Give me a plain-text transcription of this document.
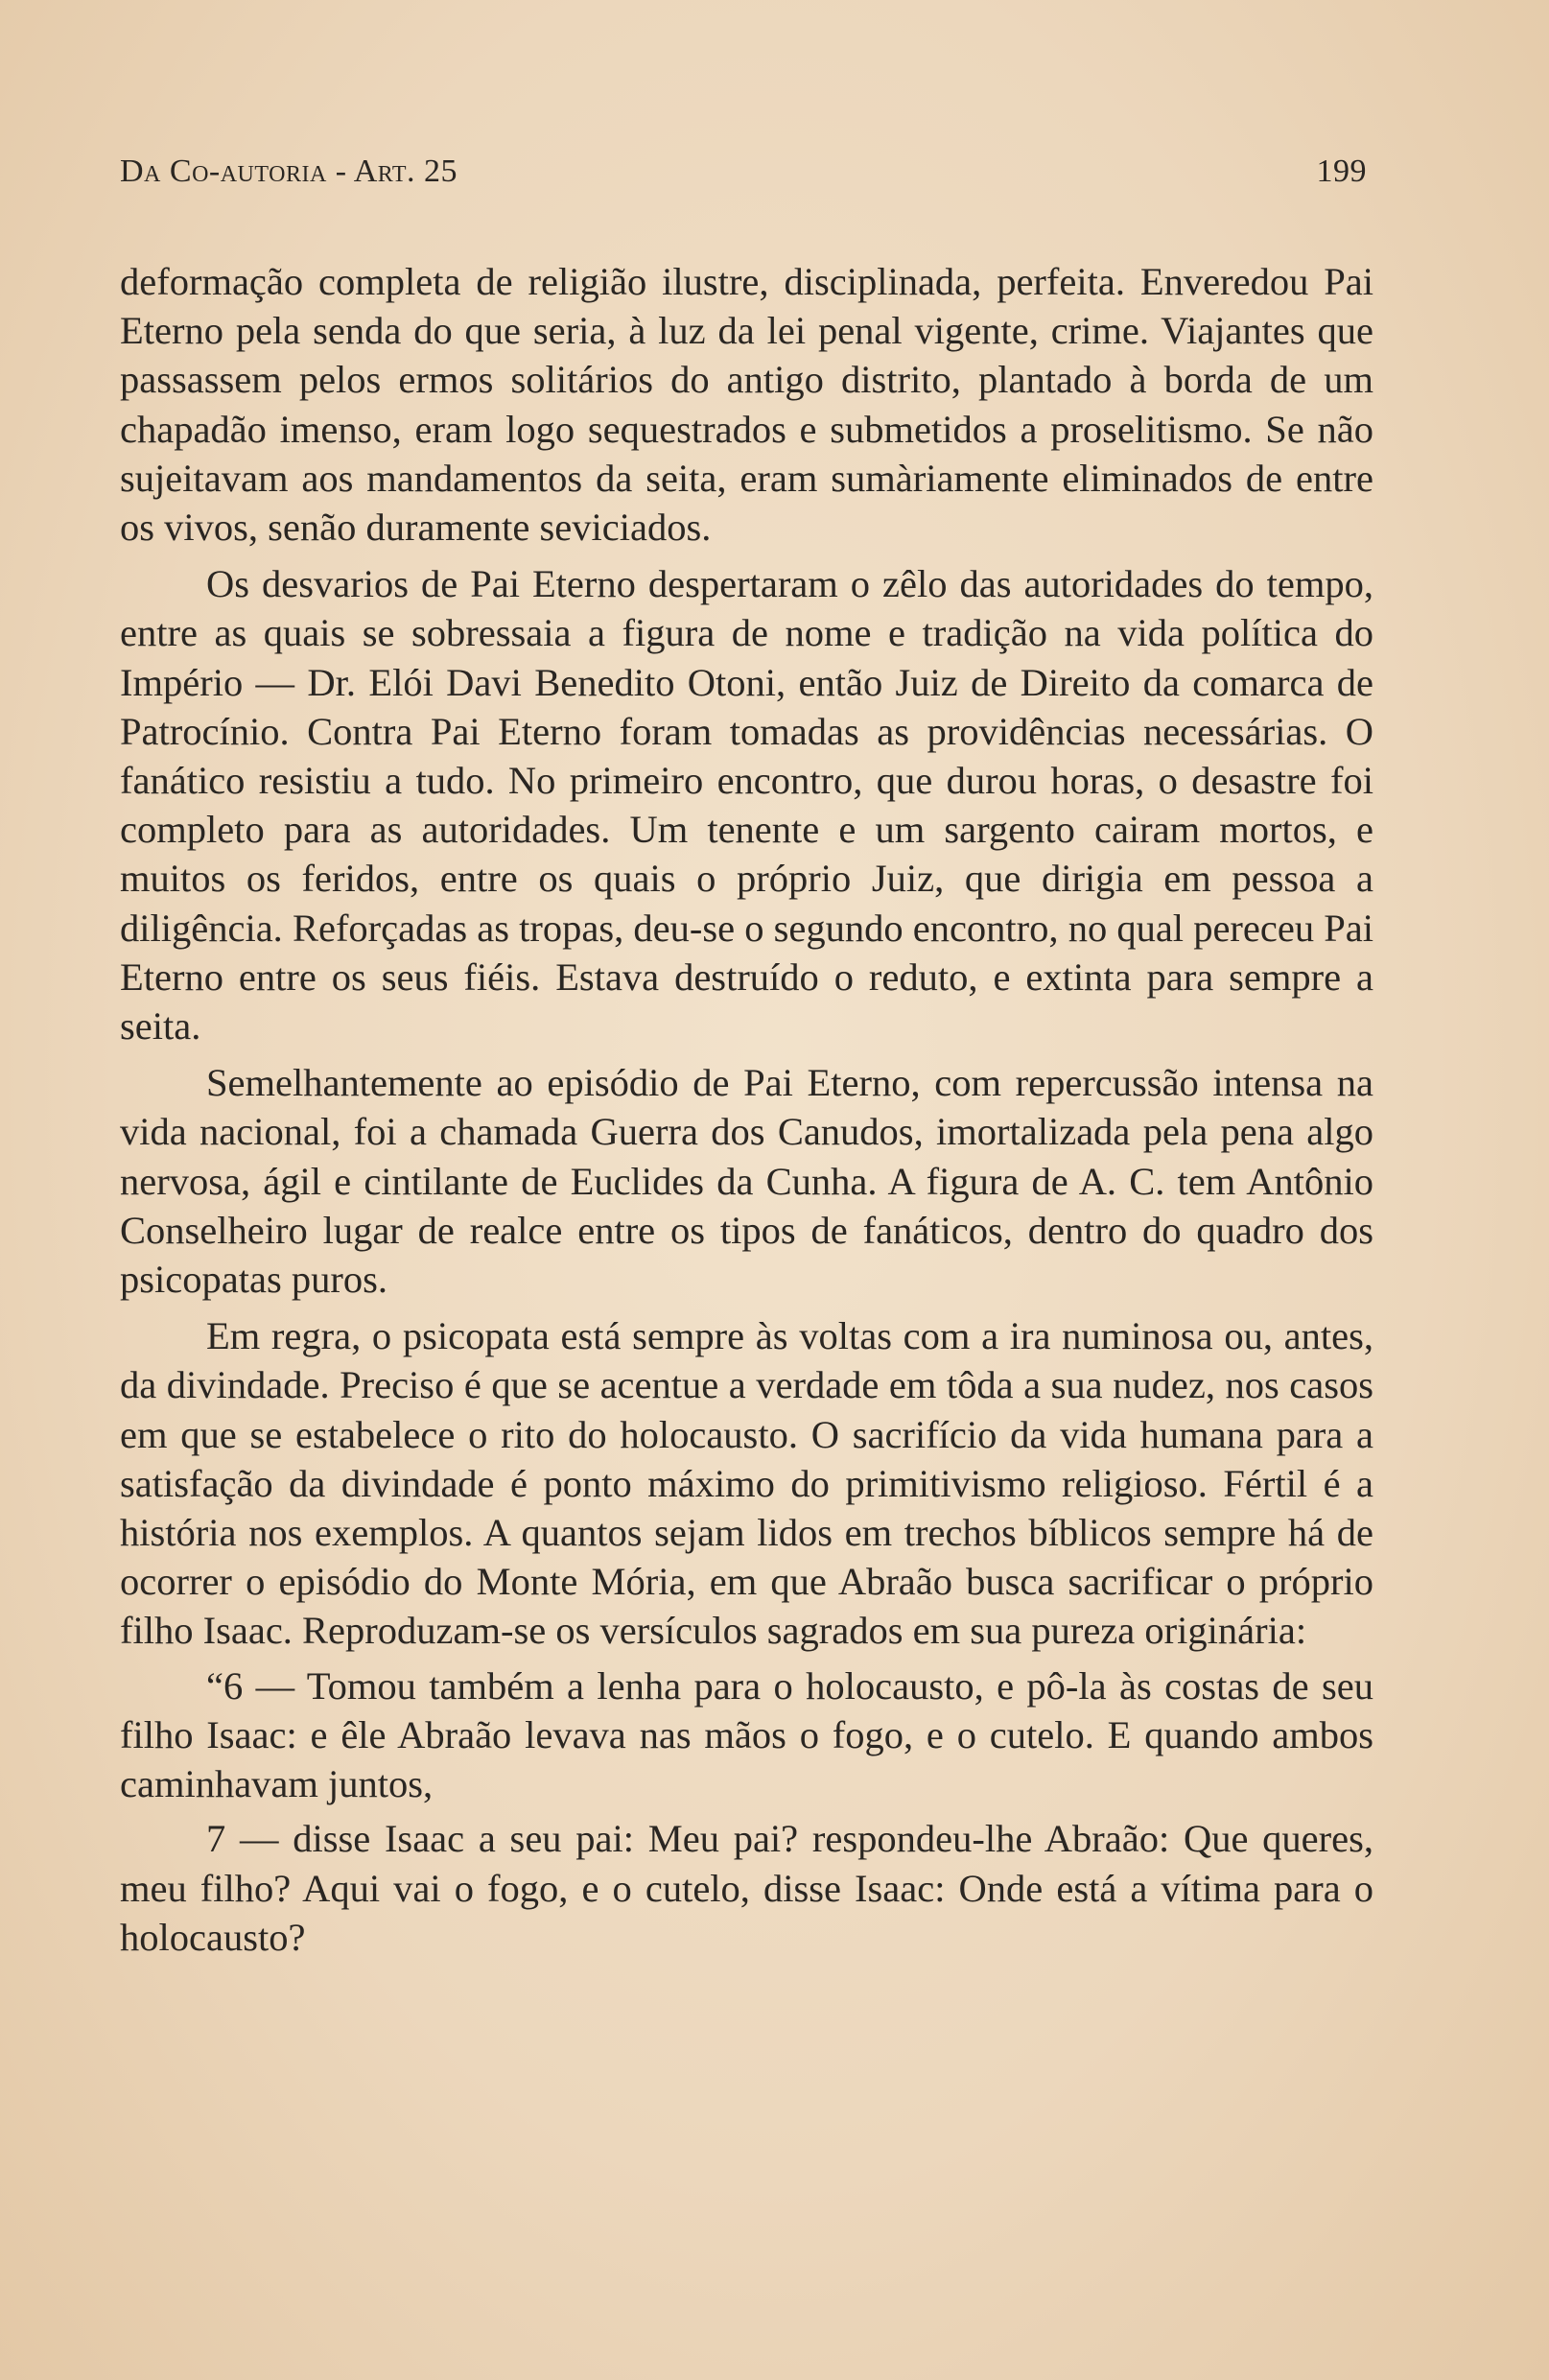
Da Co-autoria - Art. 25	199

deformação completa de religião ilustre, disciplinada, perfeita. Enveredou Pai Eterno pela senda do que seria, à luz da lei penal vigente, crime. Viajantes que passassem pelos ermos solitários do antigo distrito, plantado à borda de um chapadão imenso, eram logo sequestrados e submetidos a proselitismo. Se não sujeitavam aos mandamentos da seita, eram sumàriamente eliminados de entre os vivos, senão duramente seviciados.

Os desvarios de Pai Eterno despertaram o zêlo das autoridades do tempo, entre as quais se sobressaia a figura de nome e tradição na vida política do Império — Dr. Elói Davi Benedito Otoni, então Juiz de Direito da comarca de Patrocínio. Contra Pai Eterno foram tomadas as providências necessárias. O fanático resistiu a tudo. No primeiro encontro, que durou horas, o desastre foi completo para as autoridades. Um tenente e um sargento cairam mortos, e muitos os feridos, entre os quais o próprio Juiz, que dirigia em pessoa a diligência. Reforçadas as tropas, deu-se o segundo encontro, no qual pereceu Pai Eterno entre os seus fiéis. Estava destruído o reduto, e extinta para sempre a seita.

Semelhantemente ao episódio de Pai Eterno, com repercussão intensa na vida nacional, foi a chamada Guerra dos Canudos, imortalizada pela pena algo nervosa, ágil e cintilante de Euclides da Cunha. A figura de A. C. tem Antônio Conselheiro lugar de realce entre os tipos de fanáticos, dentro do quadro dos psicopatas puros.

Em regra, o psicopata está sempre às voltas com a ira numinosa ou, antes, da divindade. Preciso é que se acentue a verdade em tôda a sua nudez, nos casos em que se estabelece o rito do holocausto. O sacrifício da vida humana para a satisfação da divindade é ponto máximo do primitivismo religioso. Fértil é a história nos exemplos. A quantos sejam lidos em trechos bíblicos sempre há de ocorrer o episódio do Monte Mória, em que Abraão busca sacrificar o próprio filho Isaac. Reproduzam-se os versículos sagrados em sua pureza originária:

“6 — Tomou também a lenha para o holocausto, e pô-la às costas de seu filho Isaac: e êle Abraão levava nas mãos o fogo, e o cutelo. E quando ambos caminhavam juntos,

7 — disse Isaac a seu pai: Meu pai? respondeu-lhe Abraão: Que queres, meu filho? Aqui vai o fogo, e o cutelo, disse Isaac: Onde está a vítima para o holocausto?
